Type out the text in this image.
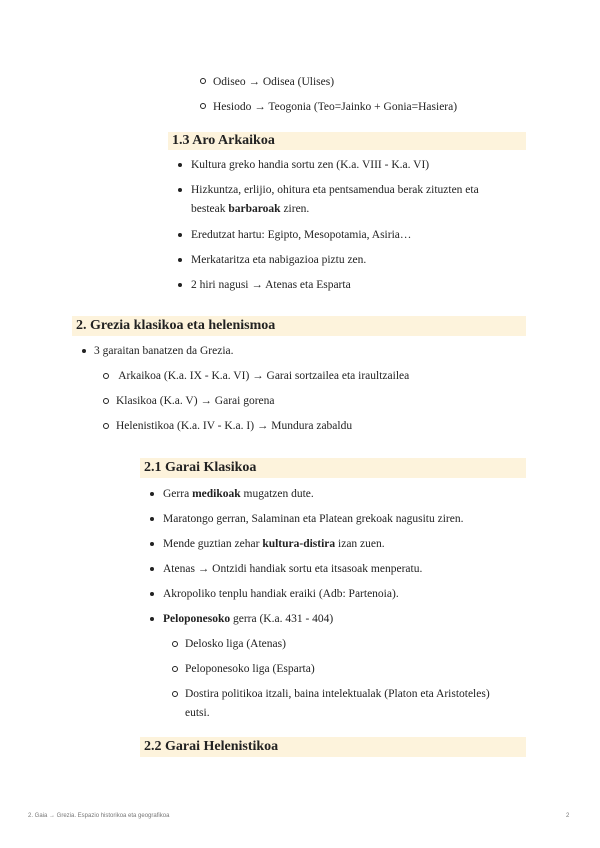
Odiseo → Odisea (Ulises)
Hesiodo → Teogonia (Teo=Jainko + Gonia=Hasiera)
1.3 Aro Arkaikoa
Kultura greko handia sortu zen (K.a. VIII - K.a. VI)
Hizkuntza, erlijio, ohitura eta pentsamendua berak zituzten eta
besteak barbaroak ziren.
Eredutzat hartu: Egipto, Mesopotamia, Asiria…
Merkataritza eta nabigazioa piztu zen.
2 hiri nagusi → Atenas eta Esparta
2. Grezia klasikoa eta helenismoa
3 garaitan banatzen da Grezia.
Arkaikoa (K.a. IX - K.a. VI) → Garai sortzailea eta iraultzailea
Klasikoa (K.a. V) → Garai gorena
Helenistikoa (K.a. IV - K.a. I) → Mundura zabaldu
2.1 Garai Klasikoa
Gerra medikoak mugatzen dute.
Maratongo gerran, Salaminan eta Platean grekoak nagusitu ziren.
Mende guztian zehar kultura-distira izan zuen.
Atenas → Ontzidi handiak sortu eta itsasoak menperatu.
Akropoliko tenplu handiak eraiki (Adb: Partenoia).
Peloponesoko gerra (K.a. 431 - 404)
Delosko liga (Atenas)
Peloponesoko liga (Esparta)
Dostira politikoa itzali, baina intelektualak (Platon eta Aristoteles)
eutsi.
2.2 Garai Helenistikoa
2. Gaia → Grezia. Espazio historikoa eta geografikoa	2
